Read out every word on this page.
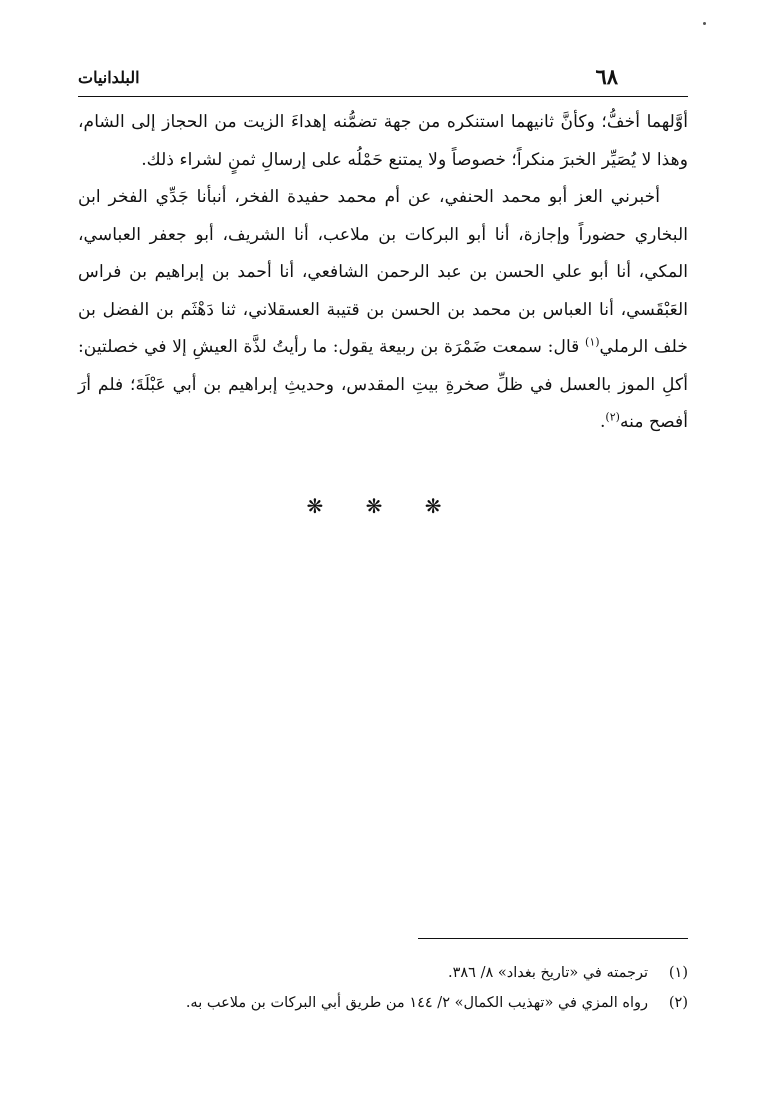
٦٨
البلدانيات

أوَّلهما أخفُّ؛ وكأنَّ ثانيهما استنكره من جهة تضمُّنه إهداءَ الزيت من الحجاز إلى الشام، وهذا لا يُصَيِّر الخبرَ منكراً؛ خصوصاً ولا يمتنع حَمْلُه على إرسالِ ثمنٍ لشراء ذلك.

أخبرني العز أبو محمد الحنفي، عن أم محمد حفيدة الفخر، أنبأنا جَدِّي الفخر ابن البخاري حضوراً وإجازة، أنا أبو البركات بن ملاعب، أنا الشريف، أبو جعفر العباسي، المكي، أنا أبو علي الحسن بن عبد الرحمن الشافعي، أنا أحمد بن إبراهيم بن فراس العَبْقَسي، أنا العباس بن محمد بن الحسن بن قتيبة العسقلاني، ثنا دَهْثَم بن الفضل بن خلف الرملي$^{(١)}$ قال: سمعت ضَمْرَة بن ربيعة يقول: ما رأيتُ لذَّة العيشِ إلا في خصلتين: أكلِ الموز بالعسل في ظلِّ صخرةِ بيتِ المقدس، وحديثِ إبراهيم بن أبي عَبْلَةَ؛ فلم أرَ أفصح منه$^{(٢)}$.

❋ ❋ ❋
(١)ترجمته في «تاريخ بغداد» ٨/ ٣٨٦.
(٢)رواه المزي في «تهذيب الكمال» ٢/ ١٤٤ من طريق أبي البركات بن ملاعب به.
